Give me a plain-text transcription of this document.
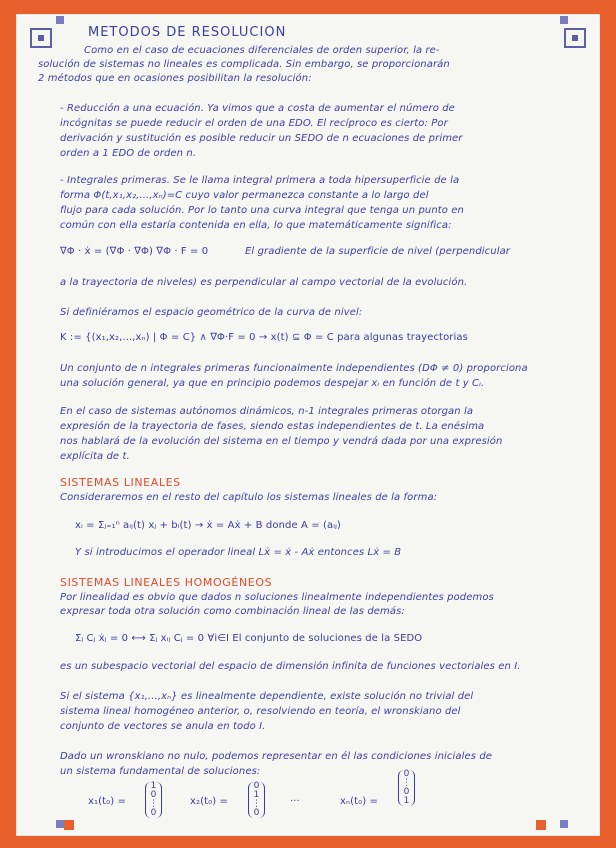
MÉTODOS DE RESOLUCIÓN
Como en el caso de ecuaciones diferenciales de orden superior, la re-
solución de sistemas no lineales es complicada. Sin embargo, se proporcionarán
2 métodos que en ocasiones posibilitan la resolución:
- Reducción a una ecuación. Ya vimos que a costa de aumentar el número de
incógnitas se puede reducir el orden de una EDO. El recíproco es cierto: Por
derivación y sustitución es posible reducir un SEDO de n ecuaciones de primer
orden a 1 EDO de orden n.
- Integrales primeras. Se le llama integral primera a toda hipersuperficie de la
forma Φ(t,x₁,x₂,...,xₙ)=C cuyo valor permanezca constante a lo largo del
flujo para cada solución. Por lo tanto una curva integral que tenga un punto en
común con ella estaría contenida en ella, lo que matemáticamente significa:
∇Φ · ẋ = (∇Φ · ∇Φ) ∇Φ · F = 0	El gradiente de la superficie de nivel (perpendicular
a la trayectoria de niveles) es perpendicular al campo vectorial de la evolución.
Si definiéramos el espacio geométrico de la curva de nivel:
K := {(x₁,x₂,...,xₙ) | Φ = C} ∧ ∇Φ·F = 0 → x(t) ⊆ Φ = C para algunas trayectorias
Un conjunto de n integrales primeras funcionalmente independientes (DΦ ≠ 0) proporciona
una solución general, ya que en principio podemos despejar xᵢ en función de t y Cᵢ.
En el caso de sistemas autónomos dinámicos, n-1 integrales primeras otorgan la
expresión de la trayectoria de fases, siendo estas independientes de t. La enésima
nos hablará de la evolución del sistema en el tiempo y vendrá dada por una expresión
explícita de t.
SISTEMAS LINEALES
Consideraremos en el resto del capítulo los sistemas lineales de la forma:
xᵢ = Σⱼ₌₁ⁿ aᵢⱼ(t) xⱼ + bᵢ(t) → ẋ = Aẋ + B donde A = (aᵢⱼ)
Y si introducimos el operador lineal Lẋ = ẋ - Aẋ entonces Lẋ = B
SISTEMAS LINEALES HOMOGÉNEOS
Por linealidad es obvio que dados n soluciones linealmente independientes podemos
expresar toda otra solución como combinación lineal de las demás:
Σⱼ Cⱼ ẋⱼ = 0 ⟷ Σⱼ xᵢⱼ Cⱼ = 0 ∀i∈I El conjunto de soluciones de la SEDO
es un subespacio vectorial del espacio de dimensión infinita de funciones vectoriales en I.
Si el sistema {x₁,...,xₙ} es linealmente dependiente, existe solución no trivial del
sistema lineal homogéneo anterior, o, resolviendo en teoría, el wronskiano del
conjunto de vectores se anula en todo I.
Dado un wronskiano no nulo, podemos representar en él las condiciones iniciales de
un sistema fundamental de soluciones:
x₁(t₀) =
1
0
⋮
0
x₂(t₀) =
0
1
⋮
0
···	xₙ(t₀) =
0
⋮
0
1
